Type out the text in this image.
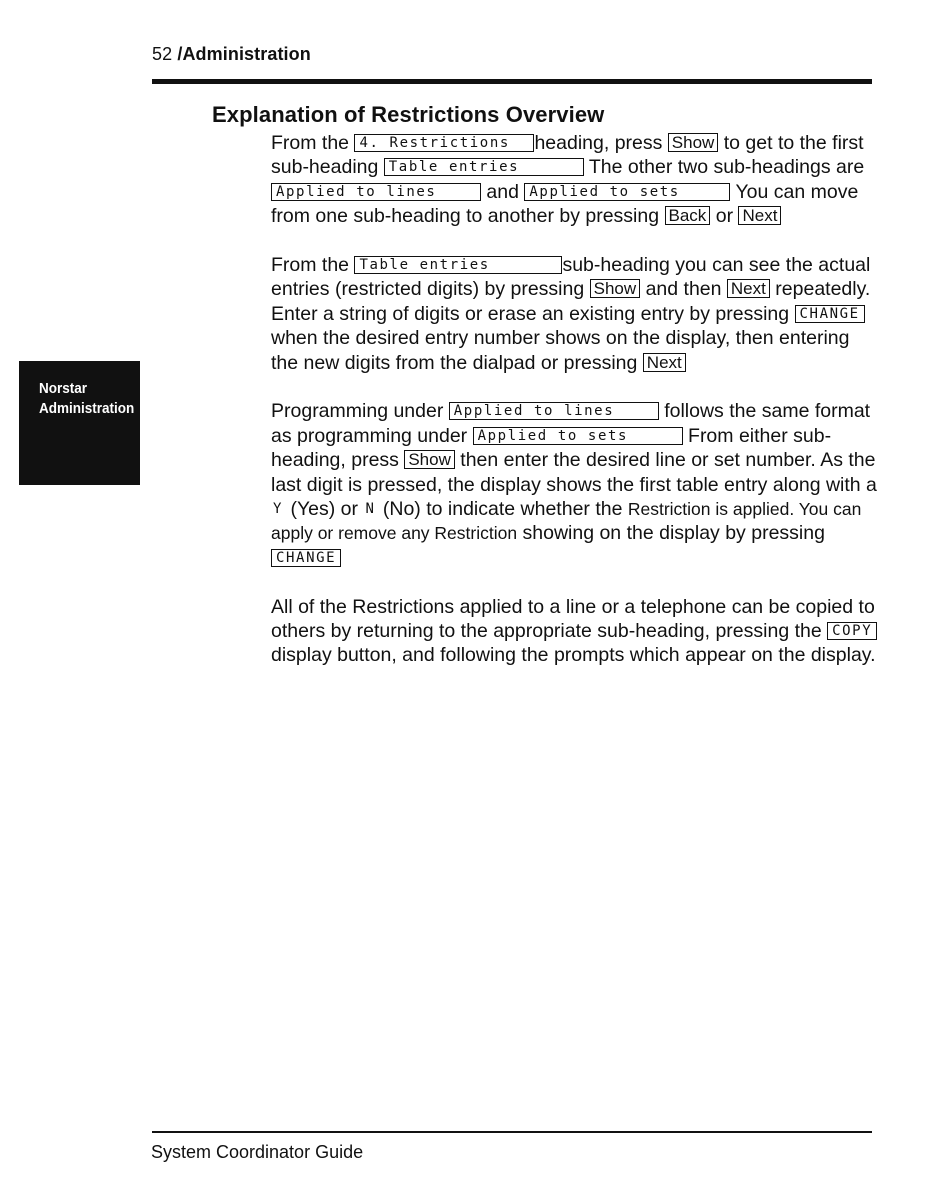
52 /Administration
Norstar
Administration
Explanation of Restrictions Overview

From the 4. Restrictions heading, press Show to get to the first sub-heading Table entries	The other two sub-headings are Applied to lines	and Applied to sets	You can move from one sub-heading to another by pressing Back or Next

From the Table entries	sub-heading you can see the actual entries (restricted digits) by pressing Show and then Next repeatedly. Enter a string of digits or erase an existing entry by pressing CHANGE when the desired entry number shows on the display, then entering the new digits from the dialpad or pressing Next

Programming under Applied to lines	follows the same format as programming under Applied to sets	From either sub-heading, press Show then enter the desired line or set number. As the last digit is pressed, the display shows the first table entry along with a Y (Yes) or N (No) to indicate whether the Restriction is applied. You can apply or remove any Restriction showing on the display by pressing CHANGE

All of the Restrictions applied to a line or a telephone can be copied to others by returning to the appropriate sub-heading, pressing the COPY display button, and following the prompts which appear on the display.

System Coordinator Guide
